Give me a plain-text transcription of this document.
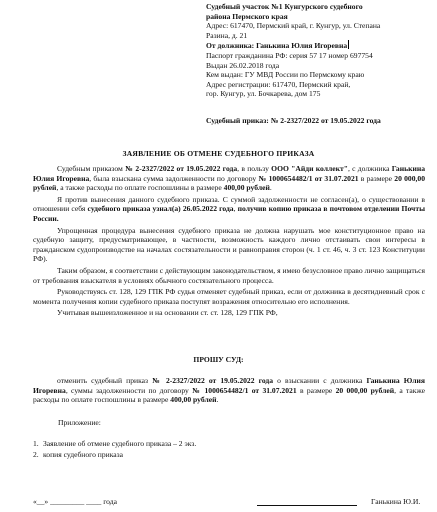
Судебный участок №1 Кунгурского судебного
района Пермского края
Адрес: 617470, Пермский край, г. Кунгур, ул. Степана
Разина, д. 21
От должника: Ганькина Юлия Игоревна
Паспорт гражданина РФ: серия 57 17 номер 697754
Выдан 26.02.2018 года
Кем выдан: ГУ МВД России по Пермскому краю
Адрес регистрации: 617470, Пермский край,
гор. Кунгур, ул. Бочкарева, дом 175
Судебный приказ: № 2-2327/2022 от 19.05.2022 года
ЗАЯВЛЕНИЕ ОБ ОТМЕНЕ СУДЕБНОГО ПРИКАЗА

Судебным приказом № 2-2327/2022 от 19.05.2022 года, в пользу ООО "Айди коллект", с должника Ганькина Юлия Игоревна, была взыскана сумма задолженности по договору № 1000654482/1 от 31.07.2021 в размере 20 000,00 рублей, а также расходы по оплате госпошлины в размере 400,00 рублей.

Я против вынесения данного судебного приказа. С суммой задолженности не согласен(а), о существовании в отношении себя судебного приказа узнал(а) 26.05.2022 года, получив копию приказа в почтовом отделении Почты России.

Упрощенная процедура вынесения судебного приказа не должна нарушать мое конституционное право на судебную защиту, предусматривающее, в частности, возможность каждого лично отстаивать свои интересы в гражданском судопроизводстве на началах состязательности и равноправия сторон (ч. 1 ст. 46, ч. 3 ст. 123 Конституции РФ).

Таким образом, я соответствии с действующим законодательством, я имею безусловное право лично защищаться от требования взыскателя в условиях обычного состязательного процесса.

Руководствуясь ст. 128, 129 ГПК РФ судья отменяет судебный приказ, если от должника в десятидневный срок с момента получения копии судебного приказа поступят возражения относительно его исполнения.

Учитывая вышеизложенное и на основании ст. ст. 128, 129 ГПК РФ,

ПРОШУ СУД:

отменить судебный приказ № 2-2327/2022 от 19.05.2022 года о взыскании с должника Ганькина Юлия Игоревна, суммы задолженности по договору № 1000654482/1 от 31.07.2021 в размере 20 000,00 рублей, а также расходы по оплате госпошлины в размере 400,00 рублей.

Приложение:
1. Заявление об отмене судебного приказа – 2 экз.
2. копия судебного приказа
«__» _________ ____ года	Ганькина Ю.И.
